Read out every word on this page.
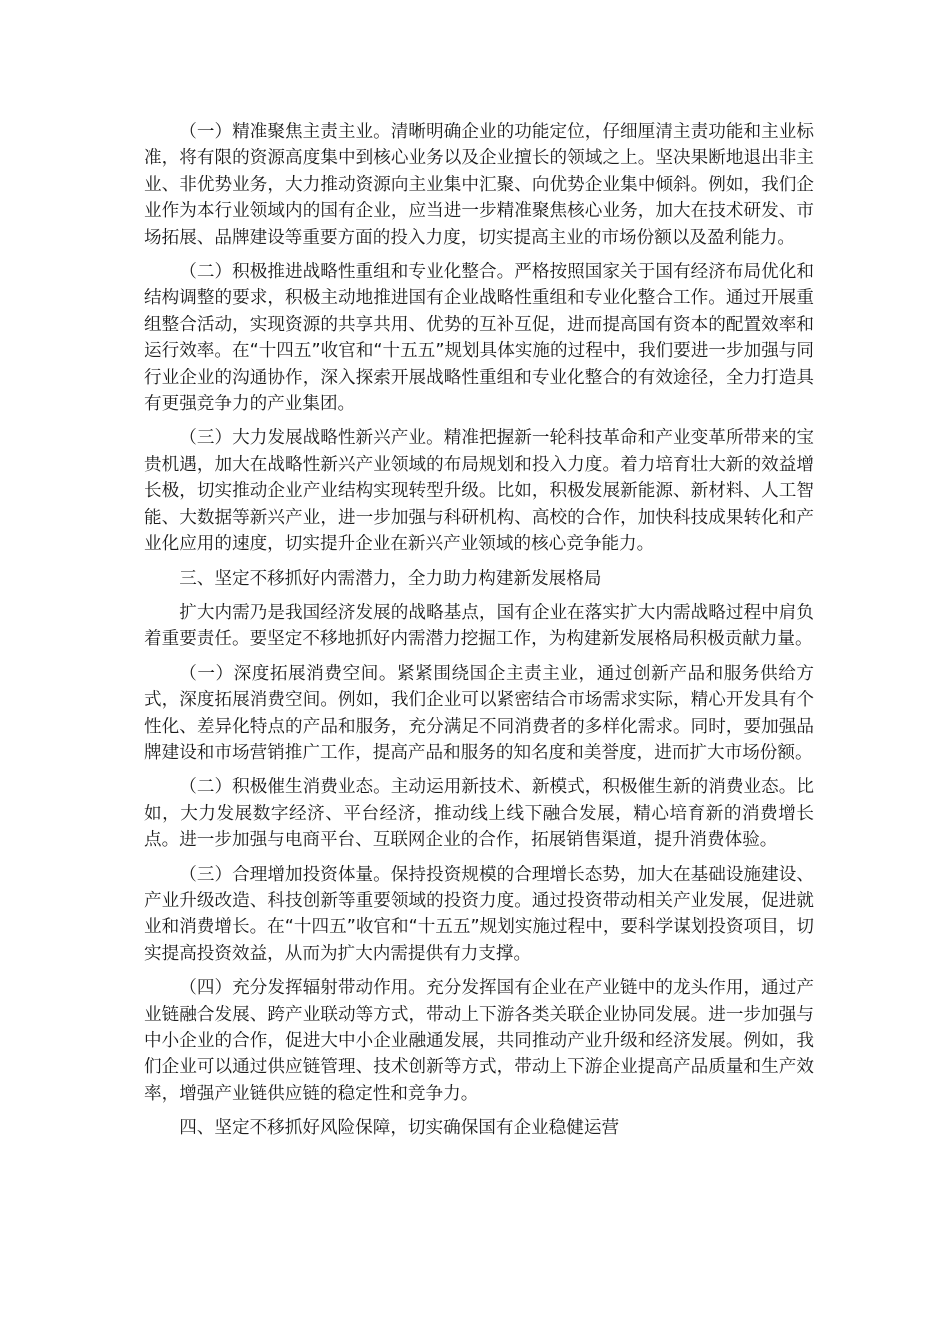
（一）精准聚焦主责主业。清晰明确企业的功能定位，仔细厘清主责功能和主业标准，将有限的资源高度集中到核心业务以及企业擅长的领域之上。坚决果断地退出非主业、非优势业务，大力推动资源向主业集中汇聚、向优势企业集中倾斜。例如，我们企业作为本行业领域内的国有企业，应当进一步精准聚焦核心业务，加大在技术研发、市场拓展、品牌建设等重要方面的投入力度，切实提高主业的市场份额以及盈利能力。

（二）积极推进战略性重组和专业化整合。严格按照国家关于国有经济布局优化和结构调整的要求，积极主动地推进国有企业战略性重组和专业化整合工作。通过开展重组整合活动，实现资源的共享共用、优势的互补互促，进而提高国有资本的配置效率和运行效率。在“十四五”收官和“十五五”规划具体实施的过程中，我们要进一步加强与同行业企业的沟通协作，深入探索开展战略性重组和专业化整合的有效途径，全力打造具有更强竞争力的产业集团。

（三）大力发展战略性新兴产业。精准把握新一轮科技革命和产业变革所带来的宝贵机遇，加大在战略性新兴产业领域的布局规划和投入力度。着力培育壮大新的效益增长极，切实推动企业产业结构实现转型升级。比如，积极发展新能源、新材料、人工智能、大数据等新兴产业，进一步加强与科研机构、高校的合作，加快科技成果转化和产业化应用的速度，切实提升企业在新兴产业领域的核心竞争能力。

三、坚定不移抓好内需潜力，全力助力构建新发展格局

扩大内需乃是我国经济发展的战略基点，国有企业在落实扩大内需战略过程中肩负着重要责任。要坚定不移地抓好内需潜力挖掘工作，为构建新发展格局积极贡献力量。

（一）深度拓展消费空间。紧紧围绕国企主责主业，通过创新产品和服务供给方式，深度拓展消费空间。例如，我们企业可以紧密结合市场需求实际，精心开发具有个性化、差异化特点的产品和服务，充分满足不同消费者的多样化需求。同时，要加强品牌建设和市场营销推广工作，提高产品和服务的知名度和美誉度，进而扩大市场份额。

（二）积极催生消费业态。主动运用新技术、新模式，积极催生新的消费业态。比如，大力发展数字经济、平台经济，推动线上线下融合发展，精心培育新的消费增长点。进一步加强与电商平台、互联网企业的合作，拓展销售渠道，提升消费体验。

（三）合理增加投资体量。保持投资规模的合理增长态势，加大在基础设施建设、产业升级改造、科技创新等重要领域的投资力度。通过投资带动相关产业发展，促进就业和消费增长。在“十四五”收官和“十五五”规划实施过程中，要科学谋划投资项目，切实提高投资效益，从而为扩大内需提供有力支撑。

（四）充分发挥辐射带动作用。充分发挥国有企业在产业链中的龙头作用，通过产业链融合发展、跨产业联动等方式，带动上下游各类关联企业协同发展。进一步加强与中小企业的合作，促进大中小企业融通发展，共同推动产业升级和经济发展。例如，我们企业可以通过供应链管理、技术创新等方式，带动上下游企业提高产品质量和生产效率，增强产业链供应链的稳定性和竞争力。

四、坚定不移抓好风险保障，切实确保国有企业稳健运营
